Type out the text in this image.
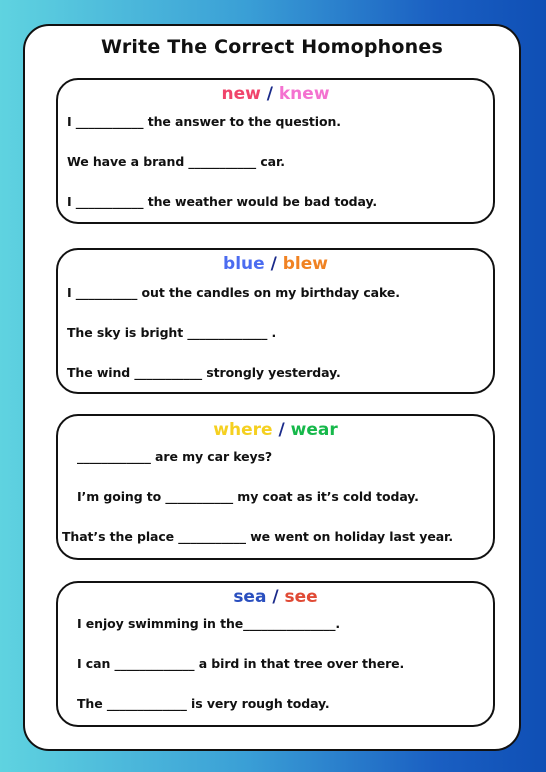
Write The Correct Homophones
new / knew
I ___________ the answer to the question.
We have a brand ___________ car.
I ___________ the weather would be bad today.
blue / blew
I __________ out the candles on my birthday cake.
The sky is bright _____________ .
The wind ___________ strongly yesterday.
where / wear
____________ are my car keys?
I’m going to ___________ my coat as it’s cold today.
That’s the place ___________ we went on holiday last year.
sea / see
I enjoy swimming in the_______________.
I can _____________ a bird in that tree over there.
The _____________ is very rough today.
